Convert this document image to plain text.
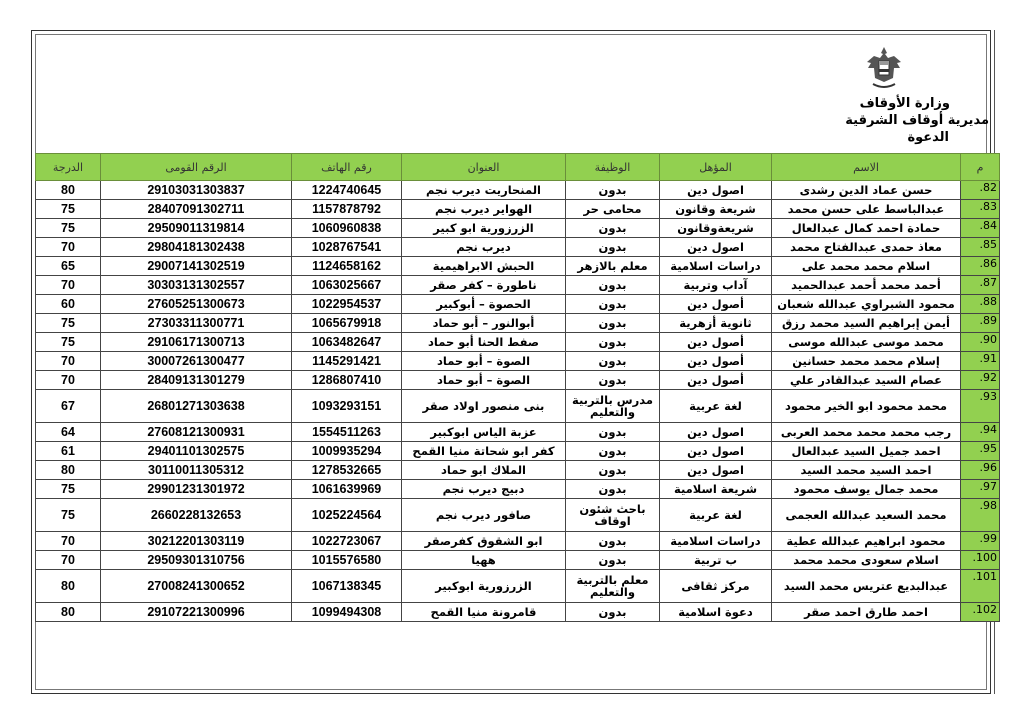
وزارة الأوقاف
مديرية أوقاف الشرقية
الدعوة
م	الاسم	المؤهل	الوظيفة	العنوان	رقم الهاتف	الرقم القومى	الدرجة
.82	حسن عماد الدين رشدى	اصول دين	بدون	المنحاريت ديرب نجم	1224740645	29103031303837	80
.83	عبدالباسط على حسن محمد	شريعة وقانون	محامى حر	الهواير ديرب نجم	1157878792	28407091302711	75
.84	حمادة احمد كمال عبدالعال	شريعةوقانون	بدون	الزرزورية ابو كبير	1060960838	29509011319814	75
.85	معاذ حمدى عبدالفتاح محمد	اصول دين	بدون	ديرب نجم	1028767541	29804181302438	70
.86	اسلام محمد محمد على	دراسات اسلامية	معلم بالازهر	الحبش الابراهيمية	1124658162	29007141302519	65
.87	أحمد محمد أحمد عبدالحميد	آداب وتربية	بدون	ناطورة – كفر صقر	1063025667	30303131302557	70
.88	محمود الشبراوي عبدالله شعبان	أصول دين	بدون	الحصوة – أبوكبير	1022954537	27605251300673	60
.89	أيمن إبراهيم السيد محمد رزق	ثانوية أزهرية	بدون	أبوالنور – أبو حماد	1065679918	27303311300771	75
.90	محمد موسى عبدالله موسى	أصول دين	بدون	صفط الحنا أبو حماد	1063482647	29106171300713	75
.91	إسلام محمد محمد حسانين	أصول دين	بدون	الصوة – أبو حماد	1145291421	30007261300477	70
.92	عصام السيد عبدالقادر علي	أصول دين	بدون	الصوة – أبو حماد	1286807410	28409131301279	70
.93	محمد محمود ابو الخير محمود	لغة عربية	مدرس بالتربية والتعليم	بنى منصور اولاد صقر	1093293151	26801271303638	67
.94	رجب محمد محمد محمد العربى	اصول دين	بدون	عزبة الياس ابوكبير	1554511263	27608121300931	64
.95	احمد جميل السيد عبدالعال	اصول دين	بدون	كفر ابو شحاتة منيا القمح	1009935294	29401101302575	61
.96	احمد السيد محمد السيد	اصول دين	بدون	الملاك ابو حماد	1278532665	30110011305312	80
.97	محمد جمال يوسف محمود	شريعة اسلامية	بدون	دبيج ديرب نجم	1061639969	29901231301972	75
.98	محمد السعيد عبدالله العجمى	لغة عربية	باحث شئون اوقاف	صافور ديرب نجم	1025224564	2660228132653	75
.99	محمود ابراهيم عبدالله عطية	دراسات اسلامية	بدون	ابو الشقوق كفرصقر	1022723067	30212201303119	70
.100	اسلام سعودى محمد محمد	ب تربية	بدون	ههيا	1015576580	29509301310756	70
.101	عبدالبديع عتريس محمد السيد	مركز ثقافى	معلم بالتربية والتعليم	الزرزورية ابوكبير	1067138345	27008241300652	80
.102	احمد طارق احمد صقر	دعوة اسلامية	بدون	قامرونة منيا القمح	1099494308	29107221300996	80
